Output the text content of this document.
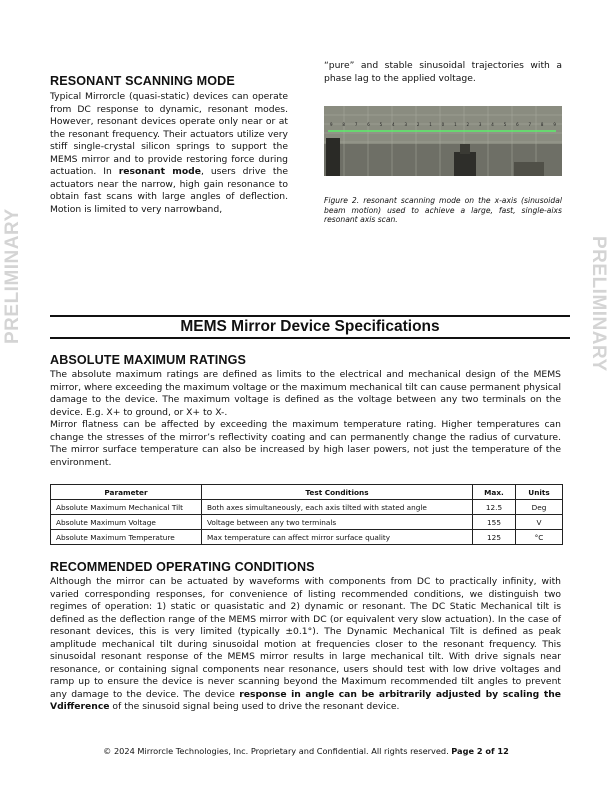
PRELIMINARY	PRELIMINARY
RESONANT SCANNING MODE
Typical Mirrorcle (quasi-static) devices can operate from DC response to dynamic, resonant modes. However, resonant devices operate only near or at the resonant frequency. Their actuators utilize very stiff single-crystal silicon springs to support the MEMS mirror and to provide restoring force during actuation. In resonant mode, users drive the actuators near the narrow, high gain resonance to obtain fast scans with large angles of deflection. Motion is limited to very narrowband,
“pure” and stable sinusoidal trajectories with a phase lag to the applied voltage.
9 8 7 6 5 4 3 2 1 0 1 2 3 4 5 6 7 8 9
Figure 2. resonant scanning mode on the x-axis (sinusoidal beam motion) used to achieve a large, fast, single-aixs resonant axis scan.
MEMS Mirror Device Specifications
ABSOLUTE MAXIMUM RATINGS
The absolute maximum ratings are defined as limits to the electrical and mechanical design of the MEMS mirror, where exceeding the maximum voltage or the maximum mechanical tilt can cause permanent physical damage to the device. The maximum voltage is defined as the voltage between any two terminals on the device. E.g. X+ to ground, or X+ to X-.
Mirror flatness can be affected by exceeding the maximum temperature rating. Higher temperatures can change the stresses of the mirror’s reflectivity coating and can permanently change the radius of curvature. The mirror surface temperature can also be increased by high laser powers, not just the temperature of the environment.
Parameter	Test Conditions	Max.	Units
Absolute Maximum Mechanical Tilt	Both axes simultaneously, each axis tilted with stated angle	12.5	Deg
Absolute Maximum Voltage	Voltage between any two terminals	155	V
Absolute Maximum Temperature	Max temperature can affect mirror surface quality	125	°C
RECOMMENDED OPERATING CONDITIONS
Although the mirror can be actuated by waveforms with components from DC to practically infinity, with varied corresponding responses, for convenience of listing recommended conditions, we distinguish two regimes of operation: 1) static or quasistatic and 2) dynamic or resonant. The DC Static Mechanical tilt is defined as the deflection range of the MEMS mirror with DC (or equivalent very slow actuation). In the case of resonant devices, this is very limited (typically ±0.1°). The Dynamic Mechanical Tilt is defined as peak amplitude mechanical tilt during sinusoidal motion at frequencies closer to the resonant frequency. This sinusoidal resonant response of the MEMS mirror results in large mechanical tilt. With drive signals near resonance, or containing signal components near resonance, users should test with low drive voltages and ramp up to ensure the device is never scanning beyond the Maximum recommended tilt angles to prevent any damage to the device. The device response in angle can be arbitrarily adjusted by scaling the Vdifference of the sinusoid signal being used to drive the resonant device.
© 2024 Mirrorcle Technologies, Inc. Proprietary and Confidential. All rights reserved. Page 2 of 12
